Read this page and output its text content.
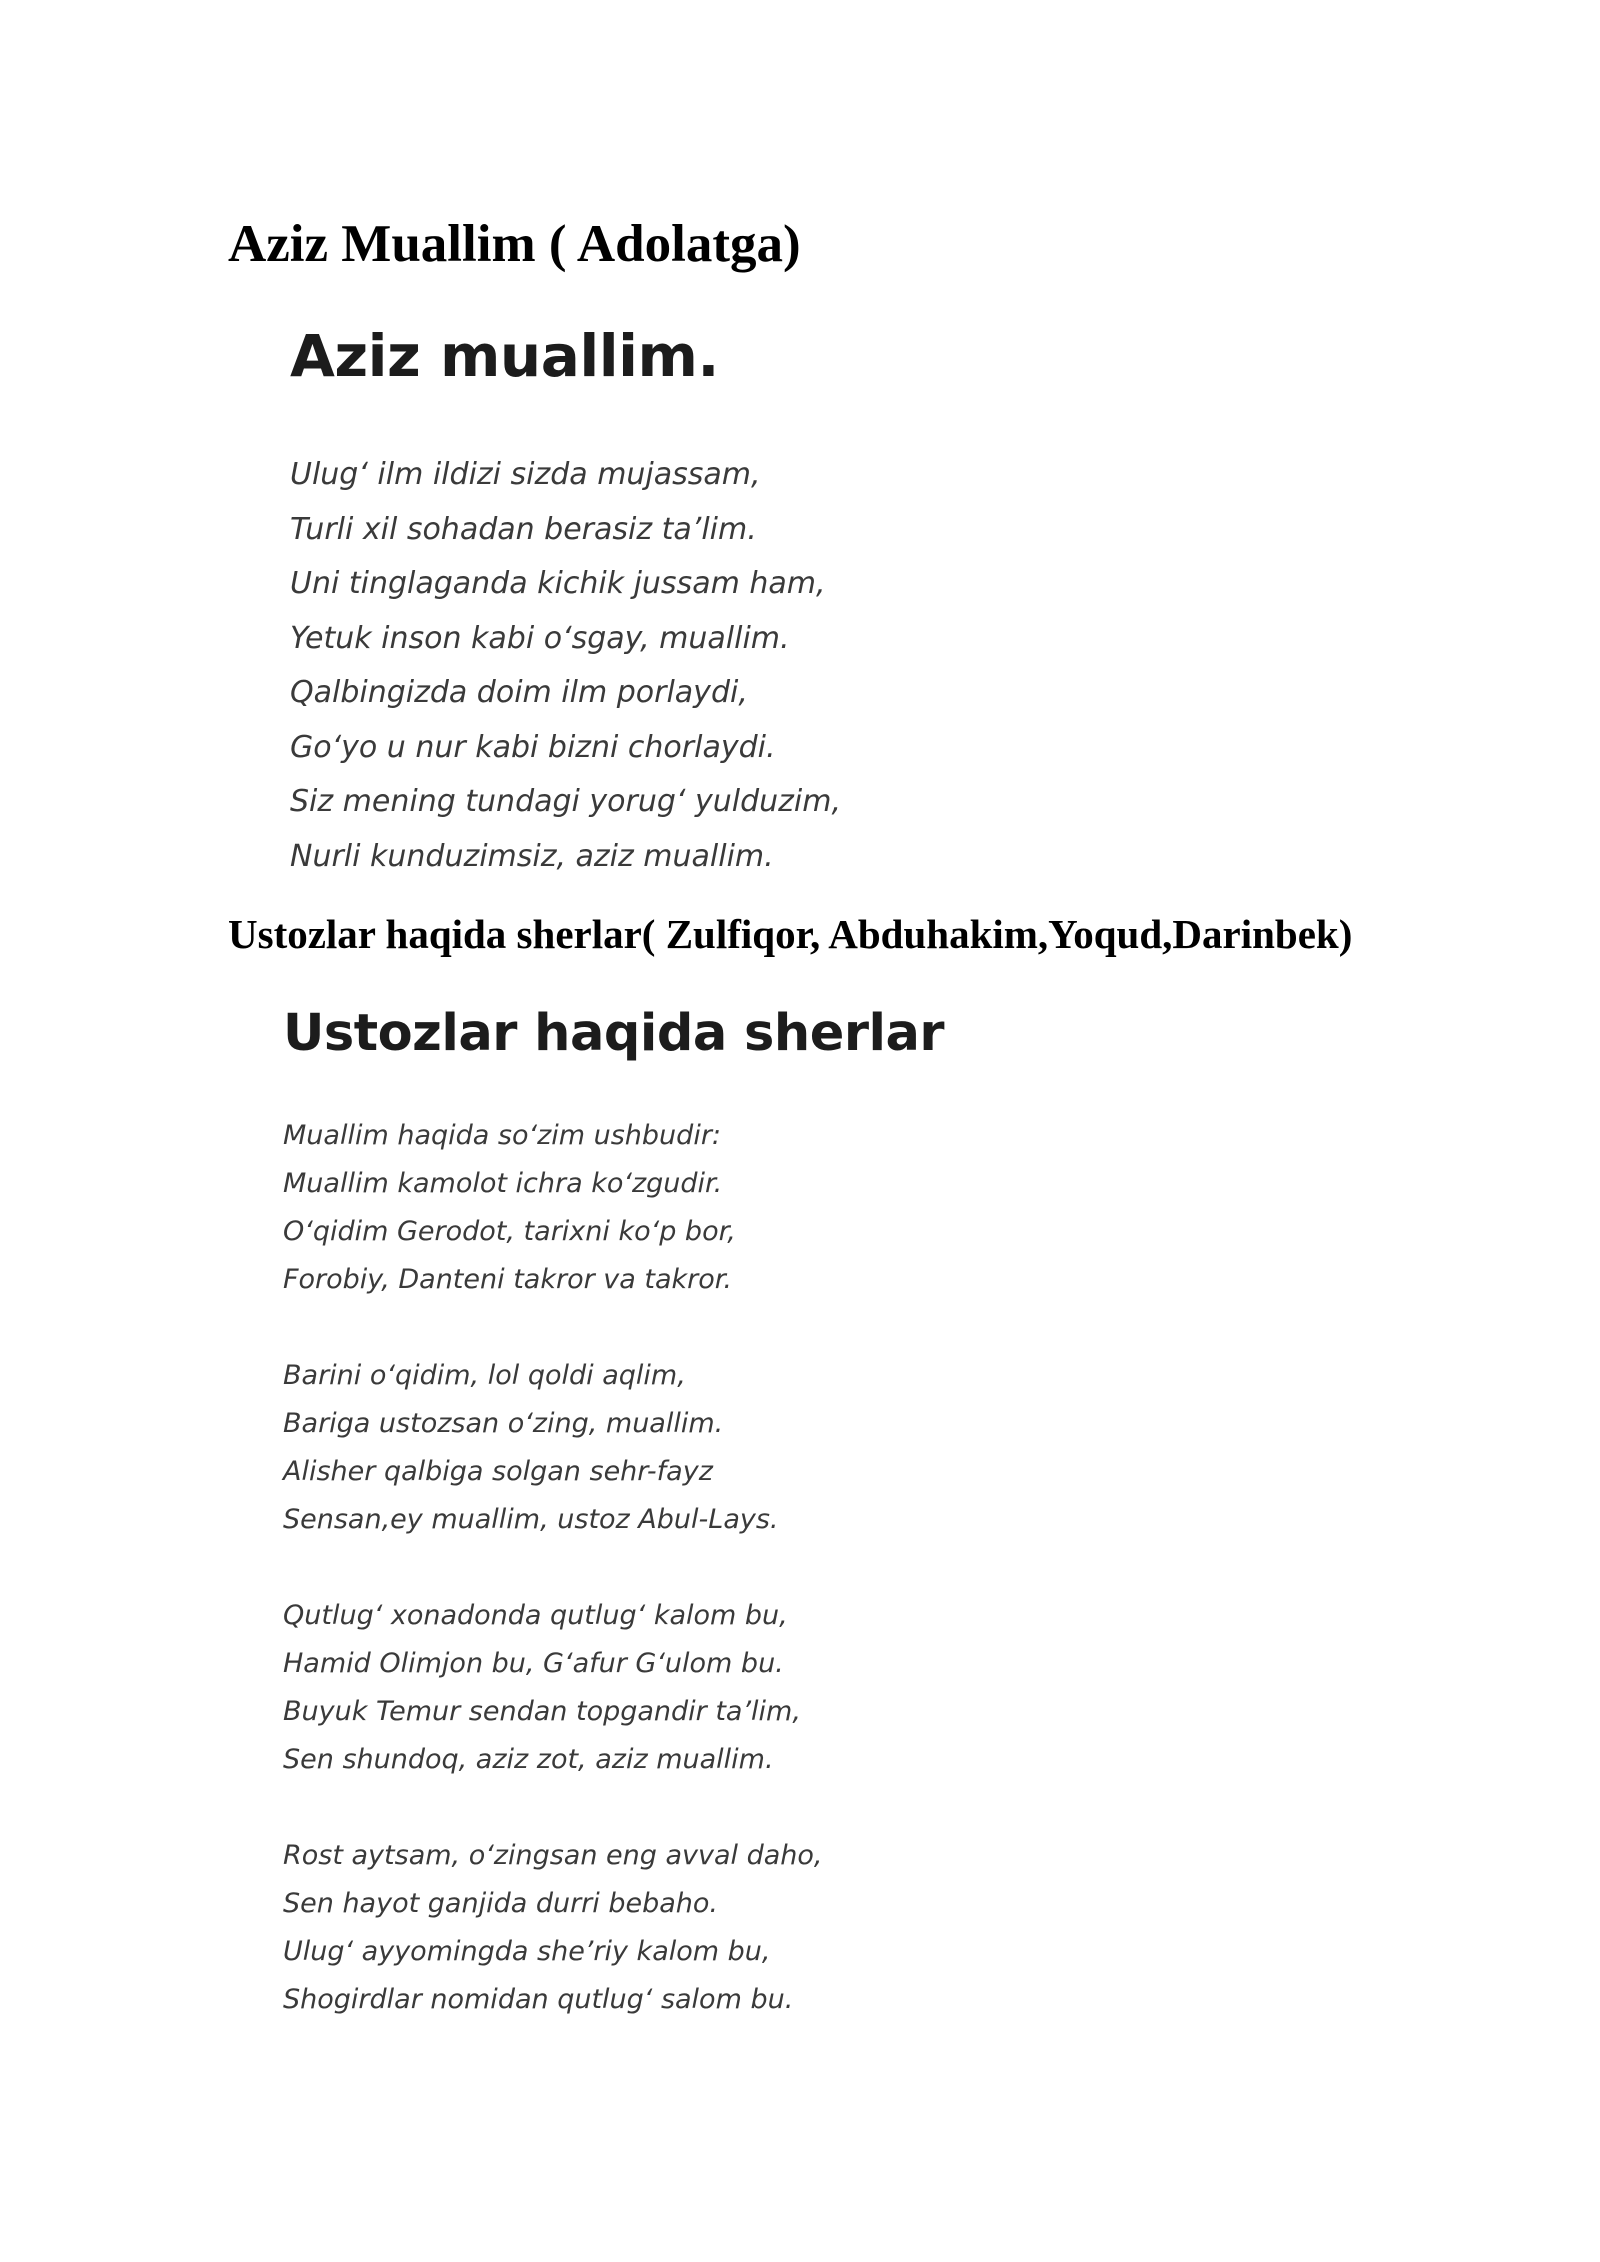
Aziz Muallim ( Adolatga)
Aziz muallim.
Ulug‘ ilm ildizi sizda mujassam,
Turli xil sohadan berasiz ta’lim.
Uni tinglaganda kichik jussam ham,
Yetuk inson kabi o‘sgay, muallim.
Qalbingizda doim ilm porlaydi,
Go‘yo u nur kabi bizni chorlaydi.
Siz mening tundagi yorug‘ yulduzim,
Nurli kunduzimsiz, aziz muallim.
Ustozlar haqida sherlar( Zulfiqor, Abduhakim,Yoqud,Darinbek)
Ustozlar haqida sherlar
Muallim haqida so‘zim ushbudir:
Muallim kamolot ichra ko‘zgudir.
O‘qidim Gerodot, tarixni ko‘p bor,
Forobiy, Danteni takror va takror.
Barini o‘qidim, lol qoldi aqlim,
Bariga ustozsan o‘zing, muallim.
Alisher qalbiga solgan sehr-fayz
Sensan,ey muallim, ustoz Abul-Lays.
Qutlug‘ xonadonda qutlug‘ kalom bu,
Hamid Olimjon bu, G‘afur G‘ulom bu.
Buyuk Temur sendan topgandir ta’lim,
Sen shundoq, aziz zot, aziz muallim.
Rost aytsam, o‘zingsan eng avval daho,
Sen hayot ganjida durri bebaho.
Ulug‘ ayyomingda she’riy kalom bu,
Shogirdlar nomidan qutlug‘ salom bu.
